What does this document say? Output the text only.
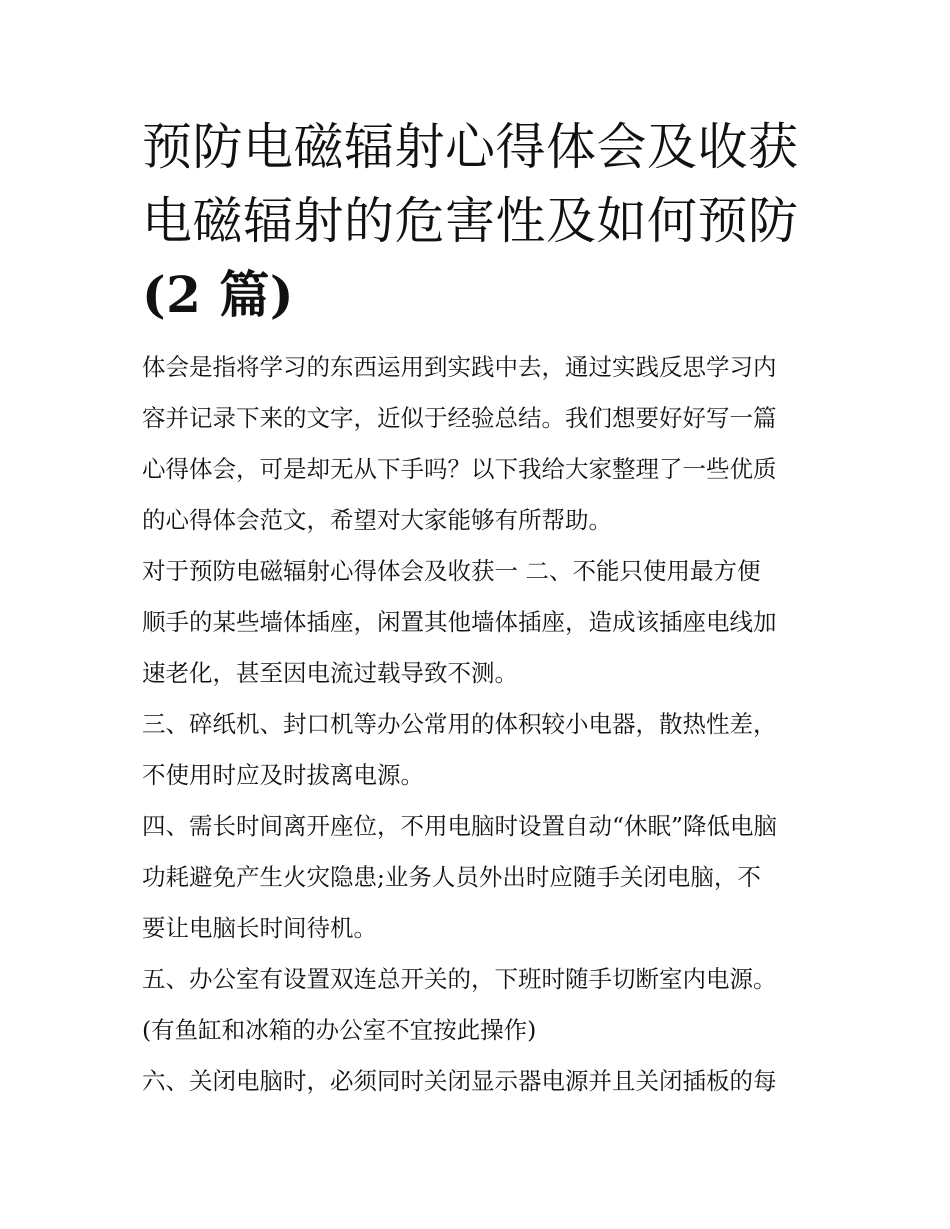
预防电磁辐射心得体会及收获
电磁辐射的危害性及如何预防
(2 篇)

体会是指将学习的东西运用到实践中去，通过实践反思学习内
容并记录下来的文字，近似于经验总结。我们想要好好写一篇
心得体会，可是却无从下手吗？以下我给大家整理了一些优质
的心得体会范文，希望对大家能够有所帮助。

对于预防电磁辐射心得体会及收获一 二、不能只使用最方便
顺手的某些墙体插座，闲置其他墙体插座，造成该插座电线加
速老化，甚至因电流过载导致不测。

三、碎纸机、封口机等办公常用的体积较小电器，散热性差，
不使用时应及时拔离电源。

四、需长时间离开座位，不用电脑时设置自动“休眠”降低电脑
功耗避免产生火灾隐患;业务人员外出时应随手关闭电脑，不
要让电脑长时间待机。

五、办公室有设置双连总开关的，下班时随手切断室内电源。
(有鱼缸和冰箱的办公室不宜按此操作)

六、关闭电脑时，必须同时关闭显示器电源并且关闭插板的每
